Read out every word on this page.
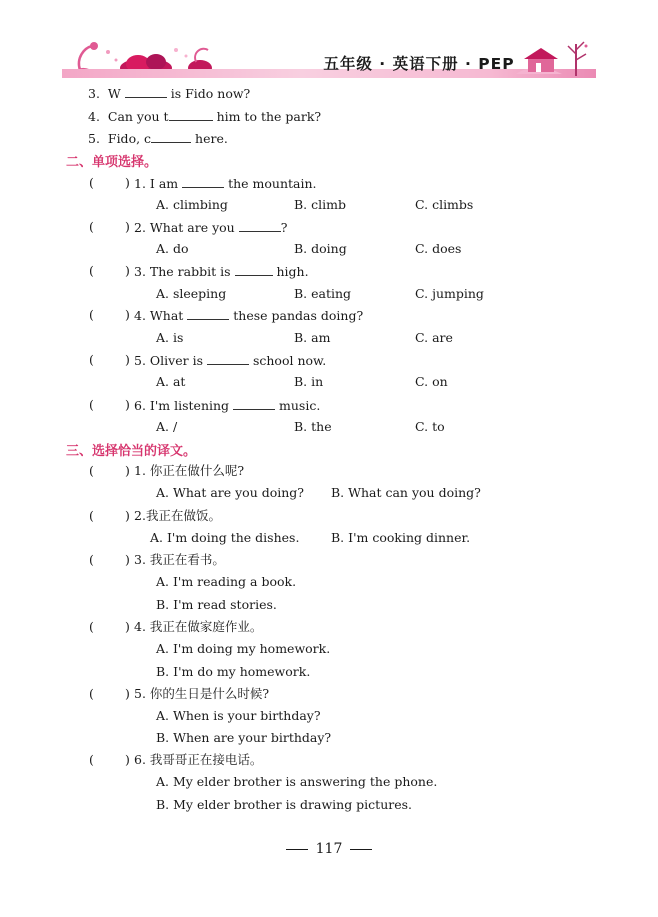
五年级 · 英语下册 · PEP
3. W	is Fido now?
4. Can you t	him to the park?
5. Fido, c	here.
二、单项选择。
( ) 1. I am	the mountain.
A. climbing	B. climb	C. climbs
( ) 2. What are you	?
A. do	B. doing	C. does
( ) 3. The rabbit is	high.
A. sleeping	B. eating	C. jumping
( ) 4. What	these pandas doing?
A. is	B. am	C. are
( ) 5. Oliver is	school now.
A. at	B. in	C. on
( ) 6. I'm listening	music.
A. /	B. the	C. to
三、选择恰当的译文。
( ) 1. 你正在做什么呢?
A. What are you doing? B. What can you doing?
( ) 2.我正在做饭。
A. I'm doing the dishes.	B. I'm cooking dinner.
( ) 3. 我正在看书。
A. I'm reading a book.
B. I'm read stories.
( ) 4. 我正在做家庭作业。
A. I'm doing my homework.
B. I'm do my homework.
( ) 5. 你的生日是什么时候?
A. When is your birthday?
B. When are your birthday?
( ) 6. 我哥哥正在接电话。
A. My elder brother is answering the phone.
B. My elder brother is drawing pictures.
117
